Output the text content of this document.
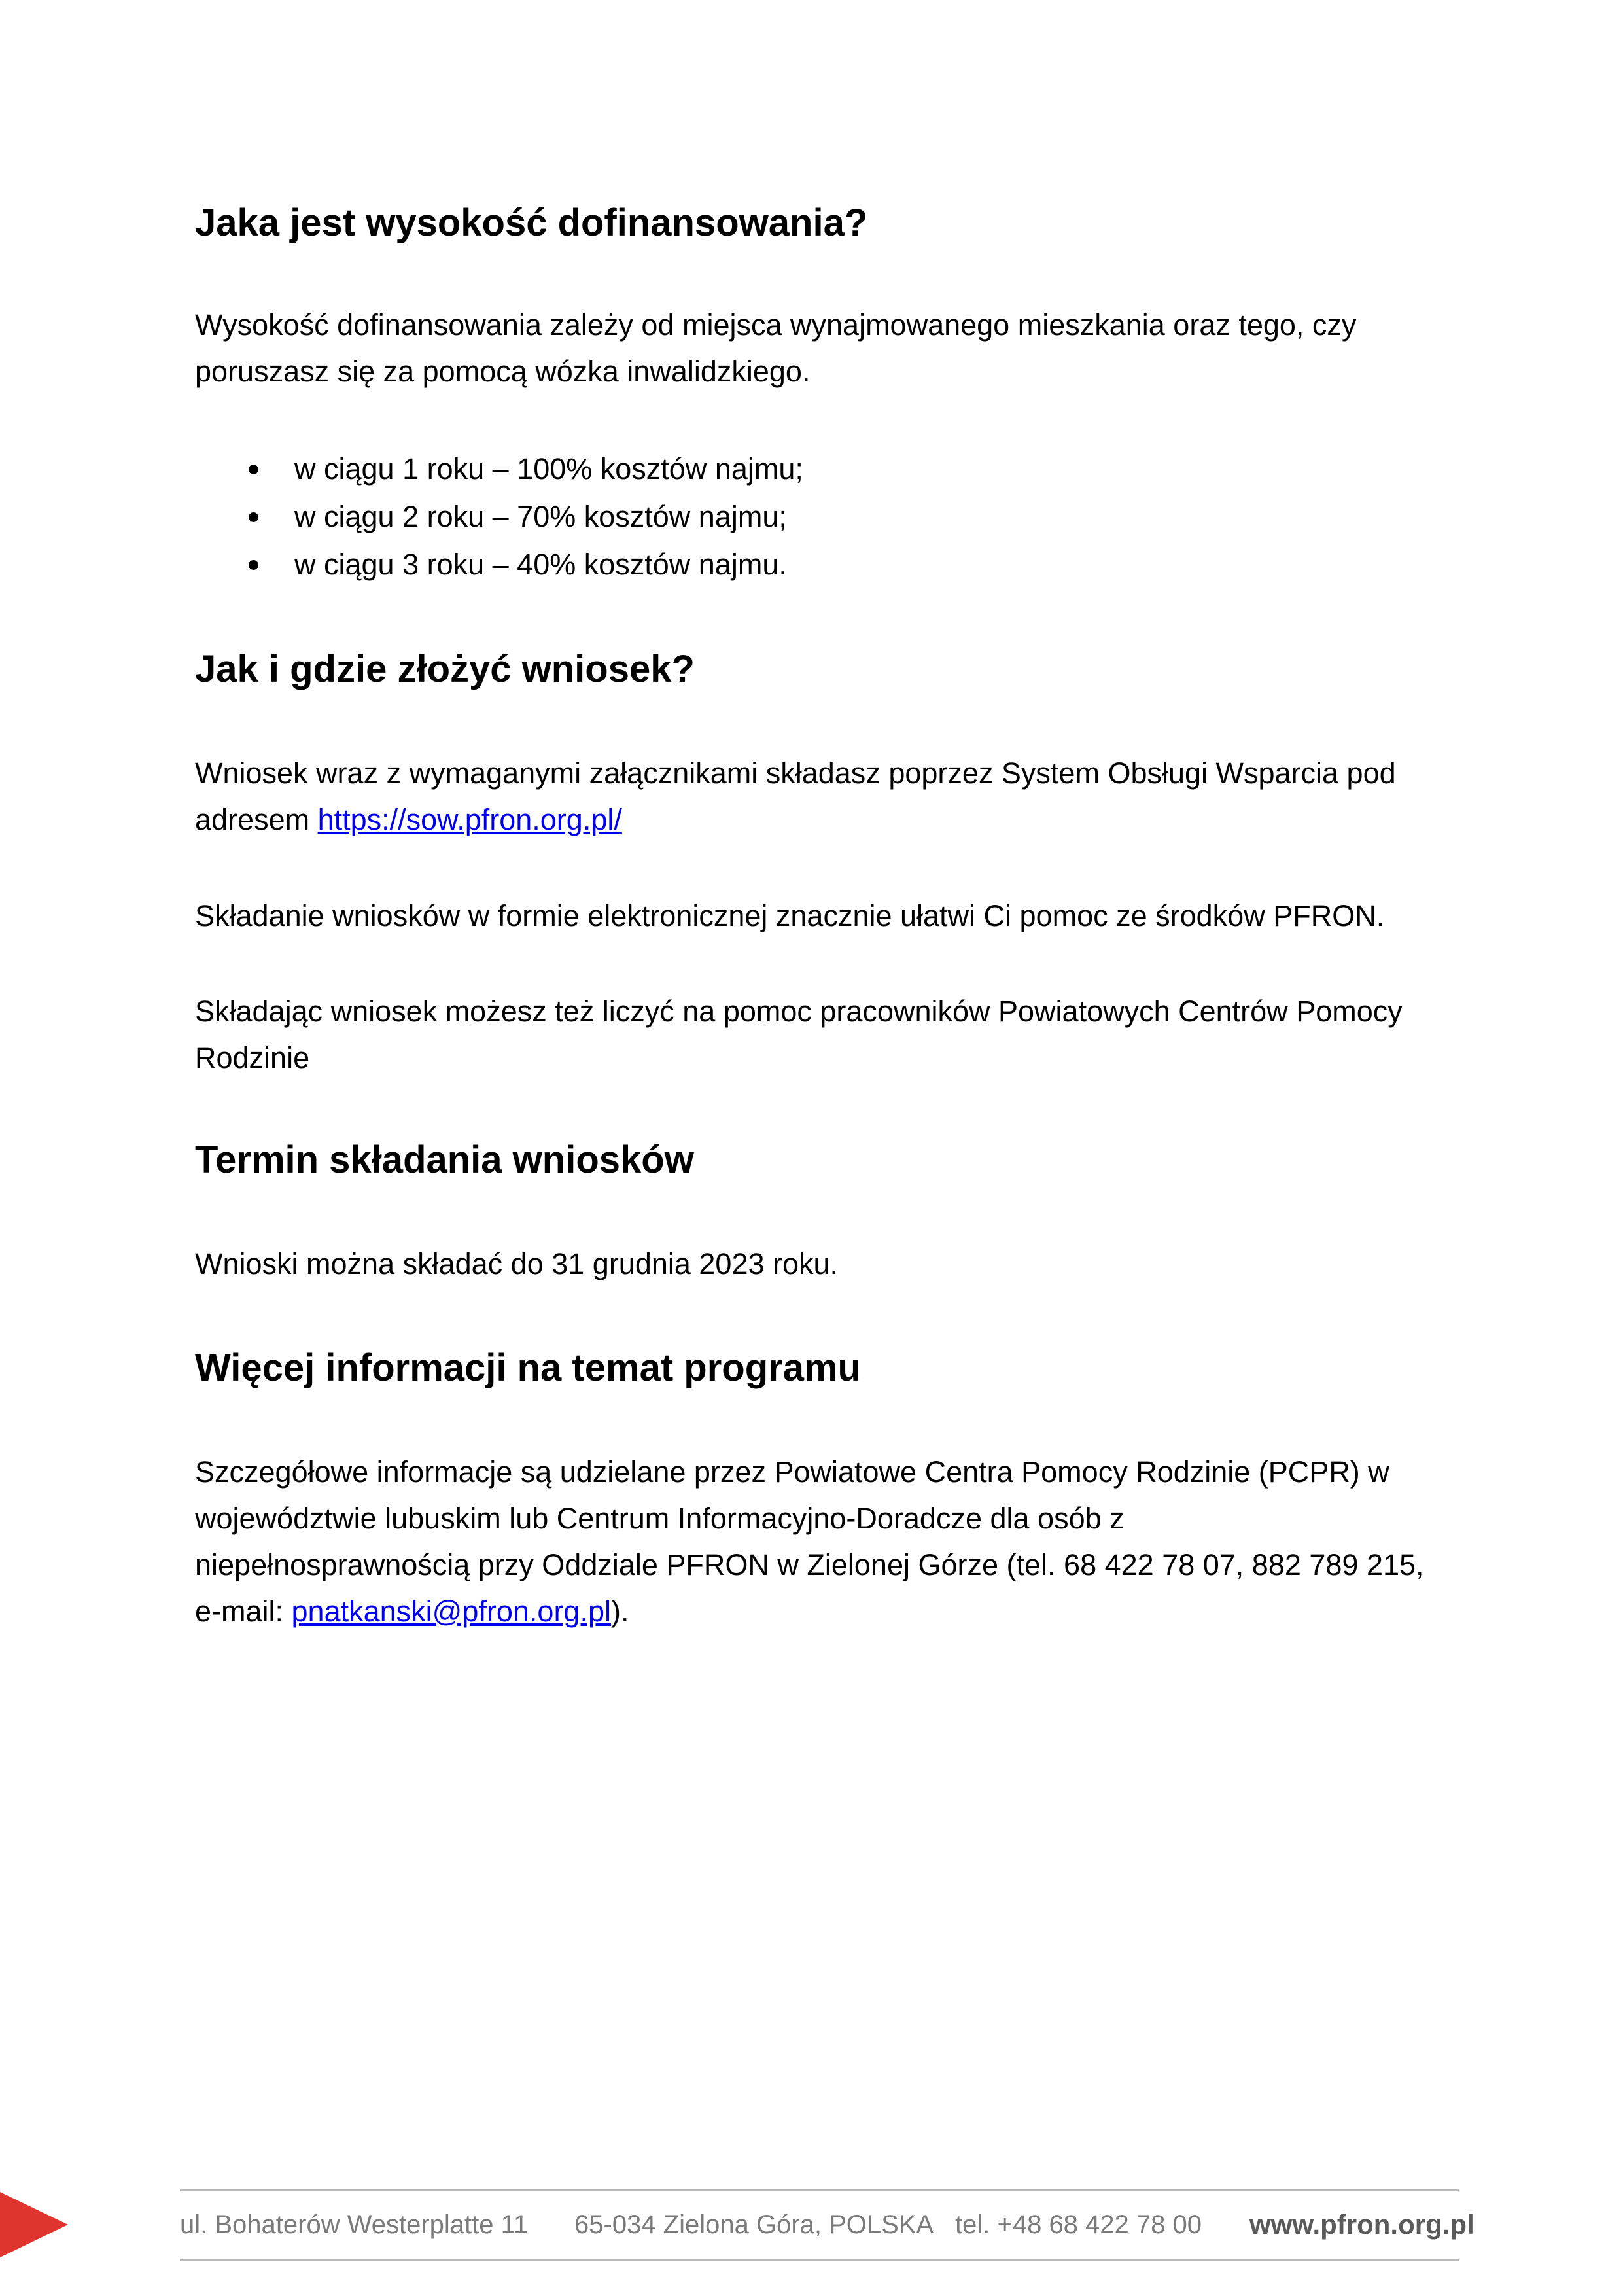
Jaka jest wysokość dofinansowania?

Wysokość dofinansowania zależy od miejsca wynajmowanego mieszkania oraz tego, czy
poruszasz się za pomocą wózka inwalidzkiego.

w ciągu 1 roku – 100% kosztów najmu;
w ciągu 2 roku – 70% kosztów najmu;
w ciągu 3 roku – 40% kosztów najmu.
Jak i gdzie złożyć wniosek?

Wniosek wraz z wymaganymi załącznikami składasz poprzez System Obsługi Wsparcia pod
adresem https://sow.pfron.org.pl/

Składanie wniosków w formie elektronicznej znacznie ułatwi Ci pomoc ze środków PFRON.

Składając wniosek możesz też liczyć na pomoc pracowników Powiatowych Centrów Pomocy
Rodzinie

Termin składania wniosków

Wnioski można składać do 31 grudnia 2023 roku.

Więcej informacji na temat programu

Szczegółowe informacje są udzielane przez Powiatowe Centra Pomocy Rodzinie (PCPR) w
województwie lubuskim lub Centrum Informacyjno-Doradcze dla osób z
niepełnosprawnością przy Oddziale PFRON w Zielonej Górze (tel. 68 422 78 07, 882 789 215,
e-mail: pnatkanski@pfron.org.pl).

ul. Bohaterów Westerplatte 11 65-034 Zielona Góra, POLSKA tel. +48 68 422 78 00 www.pfron.org.pl
